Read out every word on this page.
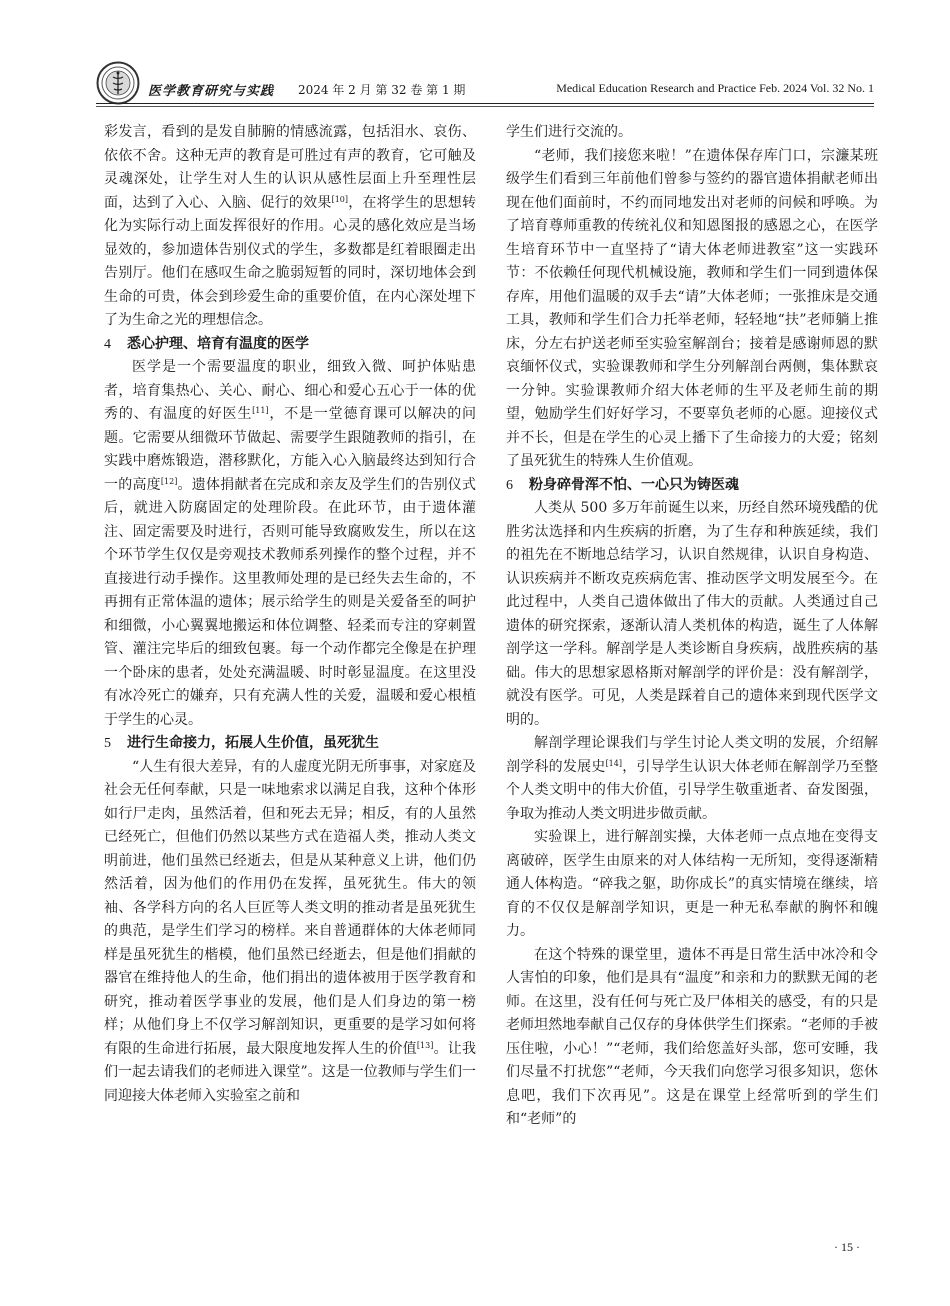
医学教育研究与实践 2024 年 2 月 第 32 卷 第 1 期	Medical Education Research and Practice Feb. 2024 Vol. 32 No. 1

彩发言，看到的是发自肺腑的情感流露，包括泪水、哀伤、依依不舍。这种无声的教育是可胜过有声的教育，它可触及灵魂深处，让学生对人生的认识从感性层面上升至理性层面，达到了入心、入脑、促行的效果[10]，在将学生的思想转化为实际行动上面发挥很好的作用。心灵的感化效应是当场显效的，参加遗体告别仪式的学生，多数都是红着眼圈走出告别厅。他们在感叹生命之脆弱短暂的同时，深切地体会到生命的可贵，体会到珍爱生命的重要价值，在内心深处埋下了为生命之光的理想信念。

4 悉心护理、培育有温度的医学

医学是一个需要温度的职业，细致入微、呵护体贴患者，培育集热心、关心、耐心、细心和爱心五心于一体的优秀的、有温度的好医生[11]，不是一堂德育课可以解决的问题。它需要从细微环节做起、需要学生跟随教师的指引，在实践中磨炼锻造，潜移默化，方能入心入脑最终达到知行合一的高度[12]。遗体捐献者在完成和亲友及学生们的告别仪式后，就进入防腐固定的处理阶段。在此环节，由于遗体灌注、固定需要及时进行，否则可能导致腐败发生，所以在这个环节学生仅仅是旁观技术教师系列操作的整个过程，并不直接进行动手操作。这里教师处理的是已经失去生命的，不再拥有正常体温的遗体；展示给学生的则是关爱备至的呵护和细微，小心翼翼地搬运和体位调整、轻柔而专注的穿刺置管、灌注完毕后的细致包裹。每一个动作都完全像是在护理一个卧床的患者，处处充满温暖、时时彰显温度。在这里没有冰冷死亡的嫌弃，只有充满人性的关爱，温暖和爱心根植于学生的心灵。

5 进行生命接力，拓展人生价值，虽死犹生

“人生有很大差异，有的人虚度光阴无所事事，对家庭及社会无任何奉献，只是一味地索求以满足自我，这种个体形如行尸走肉，虽然活着，但和死去无异；相反，有的人虽然已经死亡，但他们仍然以某些方式在造福人类，推动人类文明前进，他们虽然已经逝去，但是从某种意义上讲，他们仍然活着，因为他们的作用仍在发挥，虽死犹生。伟大的领袖、各学科方向的名人巨匠等人类文明的推动者是虽死犹生的典范，是学生们学习的榜样。来自普通群体的大体老师同样是虽死犹生的楷模，他们虽然已经逝去，但是他们捐献的器官在维持他人的生命，他们捐出的遗体被用于医学教育和研究，推动着医学事业的发展，他们是人们身边的第一榜样；从他们身上不仅学习解剖知识，更重要的是学习如何将有限的生命进行拓展，最大限度地发挥人生的价值[13]。让我们一起去请我们的老师进入课堂”。这是一位教师与学生们一同迎接大体老师入实验室之前和

学生们进行交流的。

“老师，我们接您来啦！”在遗体保存库门口，宗濂某班级学生们看到三年前他们曾参与签约的器官遗体捐献老师出现在他们面前时，不约而同地发出对老师的问候和呼唤。为了培育尊师重教的传统礼仪和知恩图报的感恩之心，在医学生培育环节中一直坚持了“请大体老师进教室”这一实践环节：不依赖任何现代机械设施，教师和学生们一同到遗体保存库，用他们温暖的双手去“请”大体老师；一张推床是交通工具，教师和学生们合力托举老师，轻轻地“扶”老师躺上推床，分左右护送老师至实验室解剖台；接着是感谢师恩的默哀缅怀仪式，实验课教师和学生分列解剖台两侧，集体默哀一分钟。实验课教师介绍大体老师的生平及老师生前的期望，勉励学生们好好学习，不要辜负老师的心愿。迎接仪式并不长，但是在学生的心灵上播下了生命接力的大爱；铭刻了虽死犹生的特殊人生价值观。

6 粉身碎骨浑不怕、一心只为铸医魂

人类从 500 多万年前诞生以来，历经自然环境残酷的优胜劣汰选择和内生疾病的折磨，为了生存和种族延续，我们的祖先在不断地总结学习，认识自然规律，认识自身构造、认识疾病并不断攻克疾病危害、推动医学文明发展至今。在此过程中，人类自己遗体做出了伟大的贡献。人类通过自己遗体的研究探索，逐渐认清人类机体的构造，诞生了人体解剖学这一学科。解剖学是人类诊断自身疾病，战胜疾病的基础。伟大的思想家恩格斯对解剖学的评价是：没有解剖学，就没有医学。可见，人类是踩着自己的遗体来到现代医学文明的。

解剖学理论课我们与学生讨论人类文明的发展，介绍解剖学科的发展史[14]，引导学生认识大体老师在解剖学乃至整个人类文明中的伟大价值，引导学生敬重逝者、奋发图强，争取为推动人类文明进步做贡献。

实验课上，进行解剖实操，大体老师一点点地在变得支离破碎，医学生由原来的对人体结构一无所知，变得逐渐精通人体构造。“碎我之躯，助你成长”的真实情境在继续，培育的不仅仅是解剖学知识，更是一种无私奉献的胸怀和魄力。

在这个特殊的课堂里，遗体不再是日常生活中冰冷和令人害怕的印象，他们是具有“温度”和亲和力的默默无闻的老师。在这里，没有任何与死亡及尸体相关的感受，有的只是老师坦然地奉献自己仅存的身体供学生们探索。“老师的手被压住啦，小心！”“老师，我们给您盖好头部，您可安睡，我们尽量不打扰您”“老师，今天我们向您学习很多知识，您休息吧，我们下次再见”。这是在课堂上经常听到的学生们和“老师”的

· 15 ·
